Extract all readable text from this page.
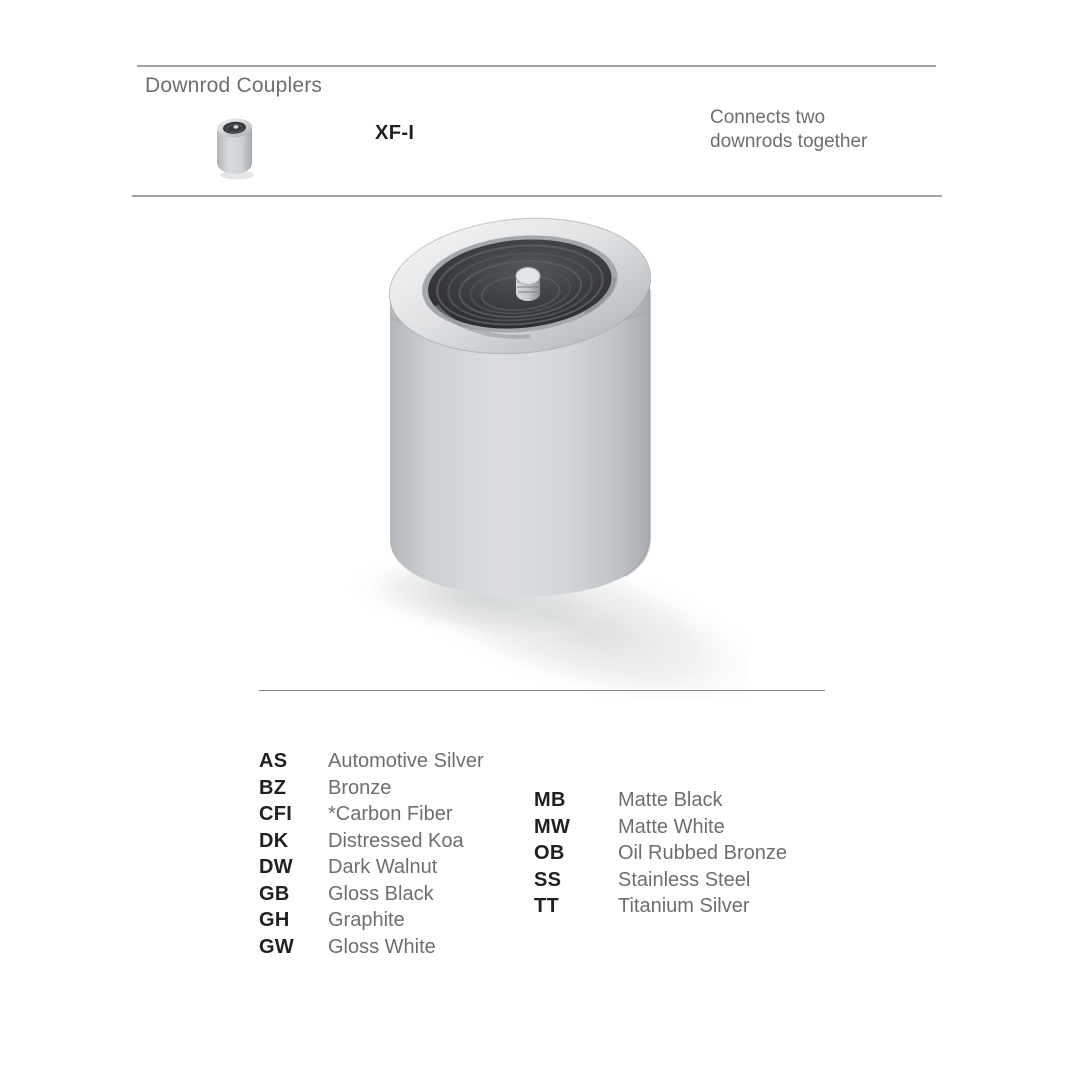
Downrod Couplers
XF-I
Connects two downrods together
AS	Automotive Silver
BZ	Bronze
CFI	*Carbon Fiber
DK	Distressed Koa
DW	Dark Walnut
GB	Gloss Black
GH	Graphite
GW	Gloss White
MB	Matte Black
MW	Matte White
OB	Oil Rubbed Bronze
SS	Stainless Steel
TT	Titanium Silver
